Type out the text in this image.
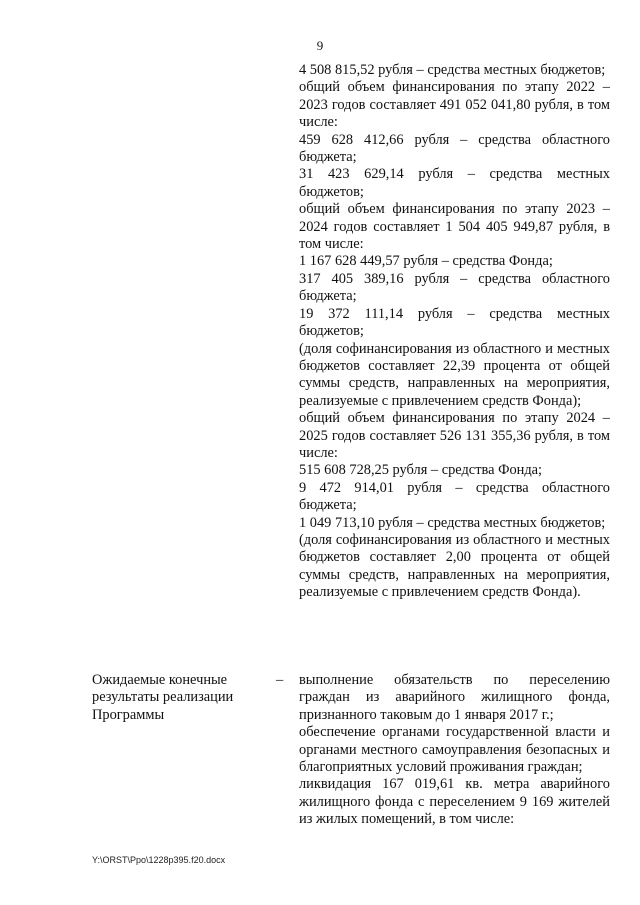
9

4 508 815,52 рубля – средства местных бюджетов;

общий объем финансирования по этапу 2022 – 2023 годов составляет 491 052 041,80 рубля, в том числе:

459 628 412,66 рубля – средства областного бюджета;

31 423 629,14 рубля – средства местных бюджетов;

общий объем финансирования по этапу 2023 – 2024 годов составляет 1 504 405 949,87 рубля, в том числе:

1 167 628 449,57 рубля – средства Фонда;

317 405 389,16 рубля – средства областного бюджета;

19 372 111,14 рубля – средства местных бюджетов;

(доля софинансирования из областного и местных бюджетов составляет 22,39 процента от общей суммы средств, направленных на мероприятия, реализуемые с привлечением средств Фонда);

общий объем финансирования по этапу 2024 – 2025 годов составляет 526 131 355,36 рубля, в том числе:

515 608 728,25 рубля – средства Фонда;

9 472 914,01 рубля – средства областного бюджета;

1 049 713,10 рубля – средства местных бюджетов;

(доля софинансирования из областного и местных бюджетов составляет 2,00 процента от общей суммы средств, направленных на мероприятия, реализуемые с привлечением средств Фонда).

Ожидаемые конечные результаты реализации Программы
– выполнение обязательств по переселению граждан из аварийного жилищного фонда, признанного таковым до 1 января 2017 г.;

обеспечение органами государственной власти и органами местного самоуправления безопасных и благоприятных условий проживания граждан;

ликвидация 167 019,61 кв. метра аварийного жилищного фонда с переселением 9 169 жителей из жилых помещений, в том числе:

Y:\ORST\Ppo\1228p395.f20.docx
